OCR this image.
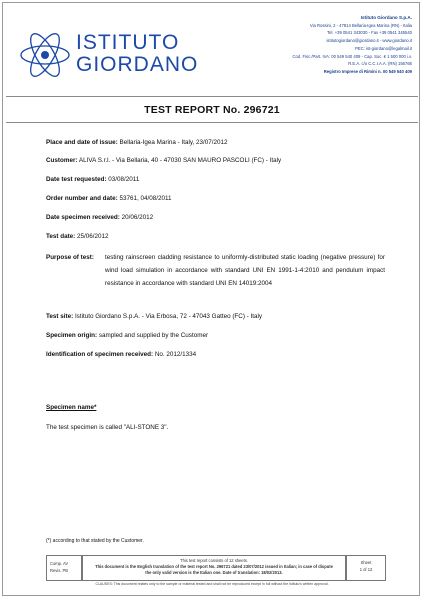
ISTITUTO
GIORDANO
Istituto Giordano S.p.A.
Via Rossini, 2 - 47814 Bellaria-Igea Marina (RN) - Italia
Tel. +39 0541 343030 - Fax +39 0541 345540
istitutogiordano@giordano.it - www.giordano.it
PEC: ist-giordano@legalmail.it
Cod. Fisc./Part. IVA: 00 549 540 409 - Cap. Soc. € 1 500 000 i.v.
R.E.A. c/o C.C.I.A.A. (RN) 156766
Registro Imprese di Rimini n. 00 549 540 409
TEST REPORT No. 296721
Place and date of issue: Bellaria-Igea Marina - Italy, 23/07/2012
Customer: ALIVA S.r.l. - Via Bellaria, 40 - 47030 SAN MAURO PASCOLI (FC) - Italy
Date test requested: 03/08/2011
Order number and date: 53761, 04/08/2011
Date specimen received: 20/06/2012
Test date: 25/06/2012
Purpose of test: testing rainscreen cladding resistance to uniformly-distributed static loading (negative pressure) for wind load simulation in accordance with standard UNI EN 1991-1-4:2010 and pendulum impact resistance in accordance with standard UNI EN 14019:2004
Test site: Istituto Giordano S.p.A. - Via Erbosa, 72 - 47043 Gatteo (FC) - Italy
Specimen origin: sampled and supplied by the Customer
Identification of specimen received: No. 2012/1334
Specimen name*
The test specimen is called "ALI-STONE 3".
(*) according to that stated by the Customer.
Comp. AV
Revis. PB
This test report consists of 12 sheets.
This document is the English translation of the test report No. 296721 dated 23/07/2012 issued in Italian; in case of dispute
the only valid version is the Italian one. Date of translation: 18/02/2013.
Sheet
1 of 12
CLAUSES: This document relates only to the sample or material tested and shall not be reproduced except in full without the Istituto's written approval.
